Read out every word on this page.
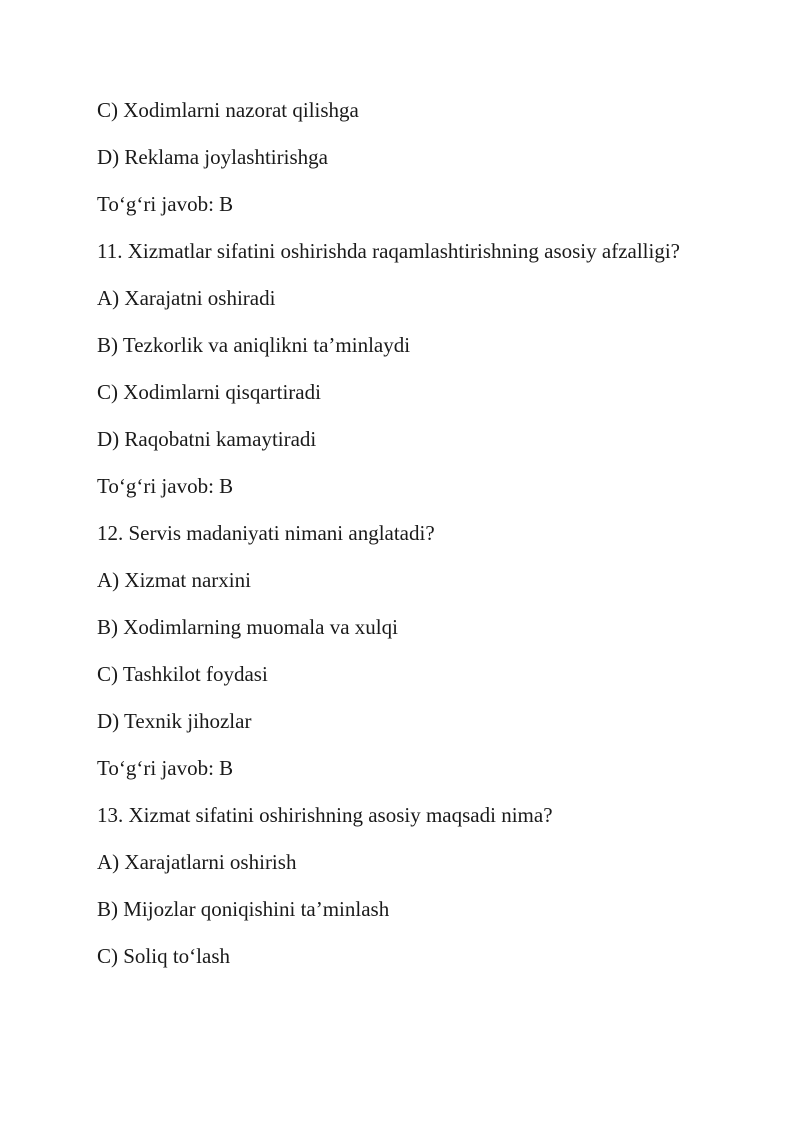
C) Xodimlarni nazorat qilishga
D) Reklama joylashtirishga
To‘g‘ri javob: B
11. Xizmatlar sifatini oshirishda raqamlashtirishning asosiy afzalligi?
A) Xarajatni oshiradi
B) Tezkorlik va aniqlikni ta’minlaydi
C) Xodimlarni qisqartiradi
D) Raqobatni kamaytiradi
To‘g‘ri javob: B
12. Servis madaniyati nimani anglatadi?
A) Xizmat narxini
B) Xodimlarning muomala va xulqi
C) Tashkilot foydasi
D) Texnik jihozlar
To‘g‘ri javob: B
13. Xizmat sifatini oshirishning asosiy maqsadi nima?
A) Xarajatlarni oshirish
B) Mijozlar qoniqishini ta’minlash
C) Soliq to‘lash
